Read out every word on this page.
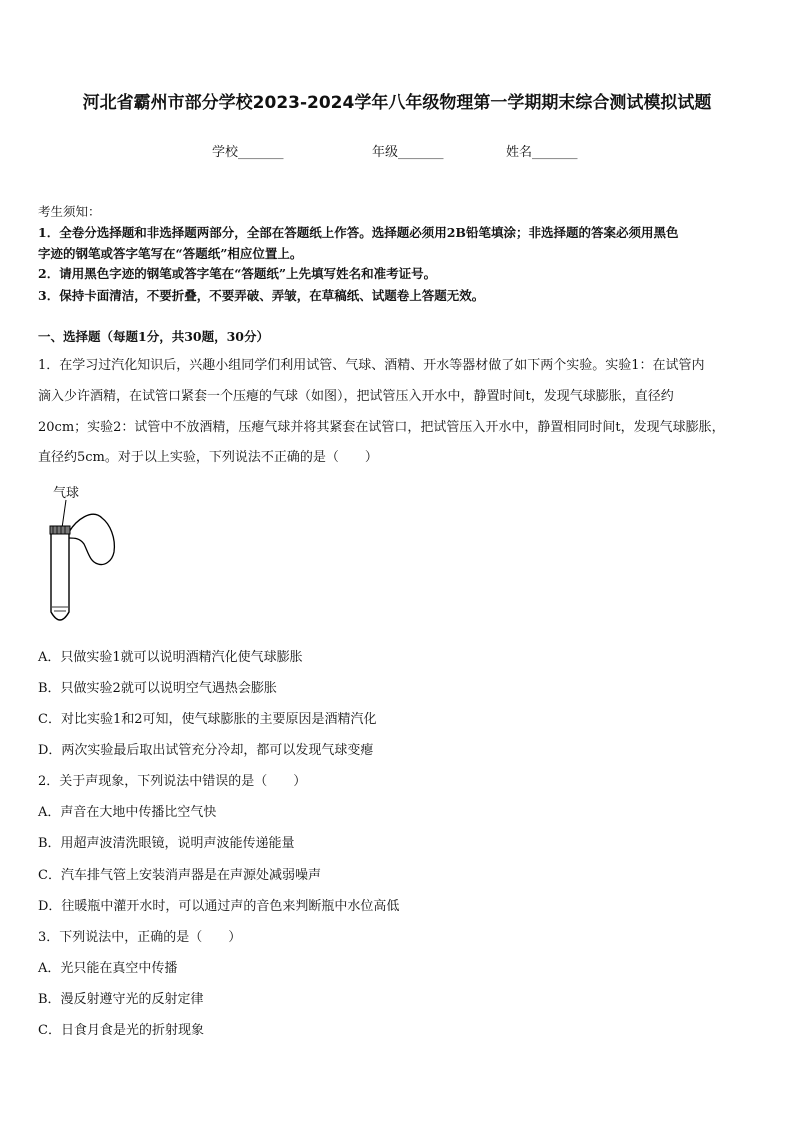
河北省霸州市部分学校2023-2024学年八年级物理第一学期期末综合测试模拟试题
学校_______	年级_______	姓名_______
考生须知：
1．全卷分选择题和非选择题两部分，全部在答题纸上作答。选择题必须用2B铅笔填涂；非选择题的答案必须用黑色
字迹的钢笔或答字笔写在“答题纸”相应位置上。
2．请用黑色字迹的钢笔或答字笔在“答题纸”上先填写姓名和准考证号。
3．保持卡面清洁，不要折叠，不要弄破、弄皱，在草稿纸、试题卷上答题无效。
一、选择题（每题1分，共30题，30分）
1．在学习过汽化知识后，兴趣小组同学们利用试管、气球、酒精、开水等器材做了如下两个实验。实验1：在试管内
滴入少许酒精，在试管口紧套一个压瘪的气球（如图），把试管压入开水中，静置时间t，发现气球膨胀，直径约
20cm；实验2：试管中不放酒精，压瘪气球并将其紧套在试管口，把试管压入开水中，静置相同时间t，发现气球膨胀，
直径约5cm。对于以上实验，下列说法不正确的是（　　）
气球
A．只做实验1就可以说明酒精汽化使气球膨胀
B．只做实验2就可以说明空气遇热会膨胀
C．对比实验1和2可知，使气球膨胀的主要原因是酒精汽化
D．两次实验最后取出试管充分冷却，都可以发现气球变瘪
2．关于声现象，下列说法中错误的是（　　）
A．声音在大地中传播比空气快
B．用超声波清洗眼镜，说明声波能传递能量
C．汽车排气管上安装消声器是在声源处减弱噪声
D．往暖瓶中灌开水时，可以通过声的音色来判断瓶中水位高低
3．下列说法中，正确的是（　　）
A．光只能在真空中传播
B．漫反射遵守光的反射定律
C．日食月食是光的折射现象
